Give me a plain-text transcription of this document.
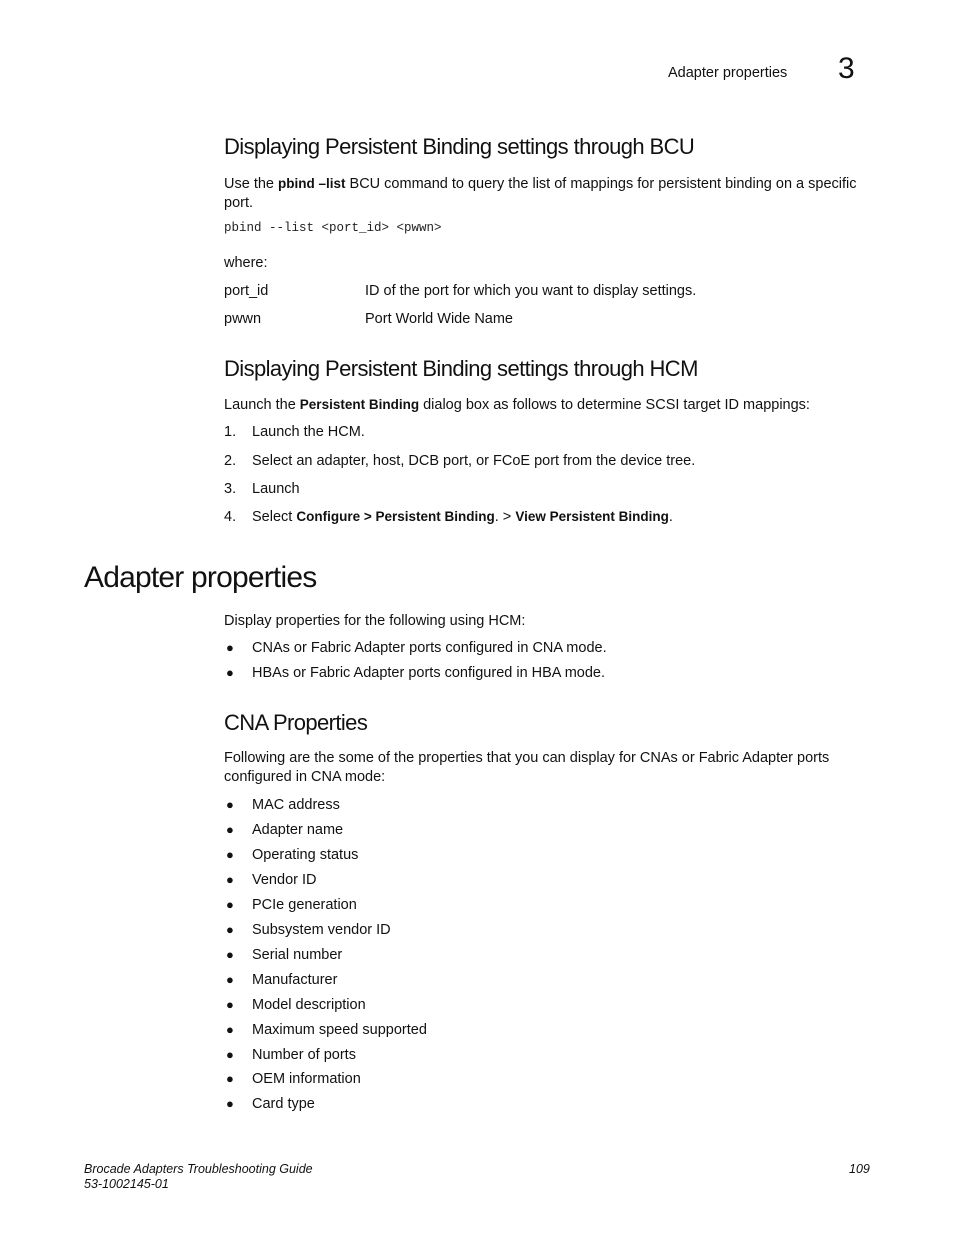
Adapter properties 3
Displaying Persistent Binding settings through BCU
Use the pbind –list BCU command to query the list of mappings for persistent binding on a specific
port.
pbind --list <port_id> <pwwn>
where:
port_id	ID of the port for which you want to display settings.
pwwn	Port World Wide Name
Displaying Persistent Binding settings through HCM
Launch the Persistent Binding dialog box as follows to determine SCSI target ID mappings:
1. Launch the HCM.
2. Select an adapter, host, DCB port, or FCoE port from the device tree.
3. Launch
4. Select Configure > Persistent Binding. > View Persistent Binding.
Adapter properties
Display properties for the following using HCM:
● CNAs or Fabric Adapter ports configured in CNA mode.
● HBAs or Fabric Adapter ports configured in HBA mode.
CNA Properties
Following are the some of the properties that you can display for CNAs or Fabric Adapter ports
configured in CNA mode:
● MAC address
● Adapter name
● Operating status
● Vendor ID
● PCIe generation
● Subsystem vendor ID
● Serial number
● Manufacturer
● Model description
● Maximum speed supported
● Number of ports
● OEM information
● Card type
Brocade Adapters Troubleshooting Guide
53-1002145-01
109
